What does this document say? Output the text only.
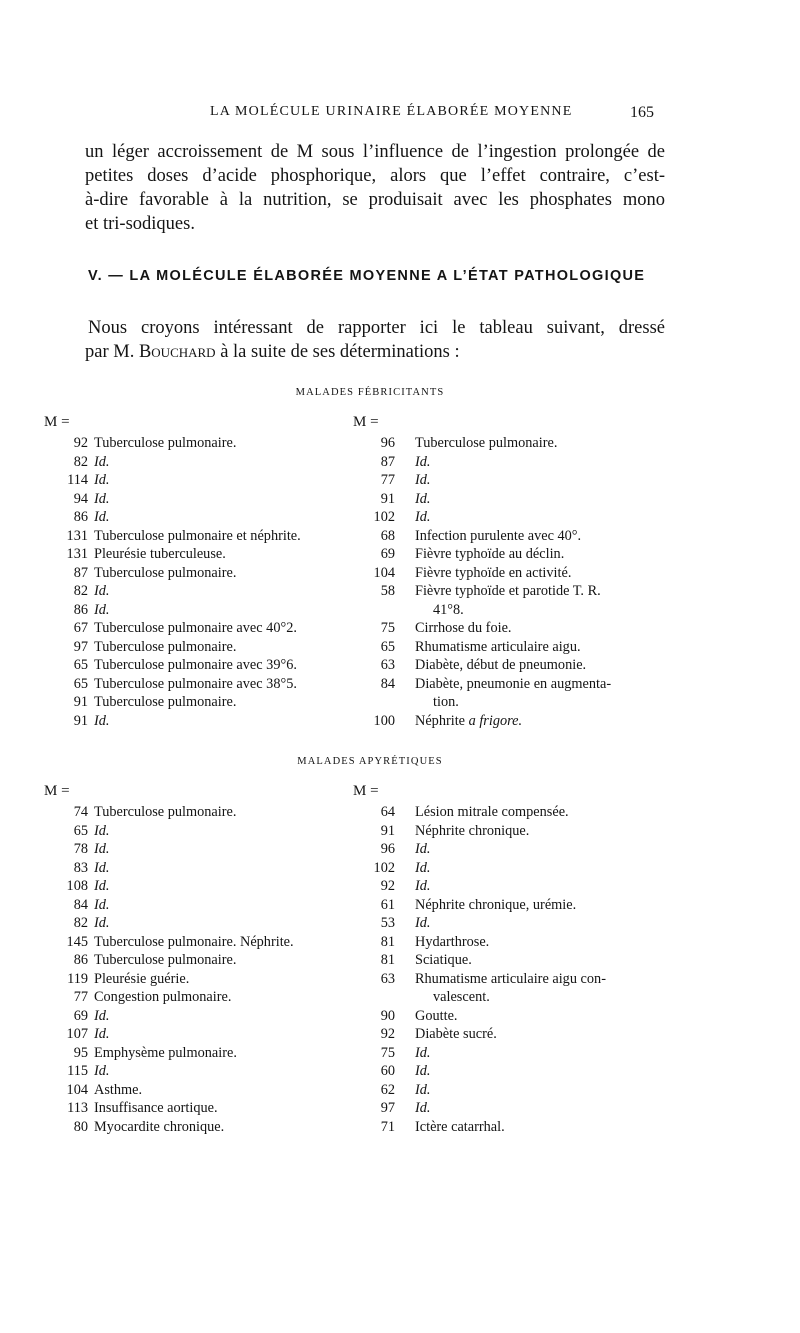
LA MOLÉCULE URINAIRE ÉLABORÉE MOYENNE	165

un léger accroissement de M sous l’influence de l’ingestion prolongée de
petites doses d’acide phosphorique, alors que l’effet contraire, c’est-
à-dire favorable à la nutrition, se produisait avec les phosphates mono
et tri-sodiques.

V. — LA MOLÉCULE ÉLABORÉE MOYENNE A L’ÉTAT PATHOLOGIQUE

Nous croyons intéressant de rapporter ici le tableau suivant, dressé
par M. Bouchard à la suite de ses déterminations :

MALADES FÉBRICITANTS

M =
92 Tuberculose pulmonaire.
82 Id.
114 Id.
94 Id.
86 Id.
131 Tuberculose pulmonaire et néphrite.
131 Pleurésie tuberculeuse.
87 Tuberculose pulmonaire.
82 Id.
86 Id.
67 Tuberculose pulmonaire avec 40°2.
97 Tuberculose pulmonaire.
65 Tuberculose pulmonaire avec 39°6.
65 Tuberculose pulmonaire avec 38°5.
91 Tuberculose pulmonaire.
91 Id.
M =
96 Tuberculose pulmonaire.
87 Id.
77 Id.
91 Id.
102 Id.
68 Infection purulente avec 40°.
69 Fièvre typhoïde au déclin.
104 Fièvre typhoïde en activité.
58 Fièvre typhoïde et parotide T. R.
41°8.
75 Cirrhose du foie.
65 Rhumatisme articulaire aigu.
63 Diabète, début de pneumonie.
84 Diabète, pneumonie en augmenta-
tion.
100 Néphrite a frigore.

MALADES APYRÉTIQUES

M =
74 Tuberculose pulmonaire.
65 Id.
78 Id.
83 Id.
108 Id.
84 Id.
82 Id.
145 Tuberculose pulmonaire. Néphrite.
86 Tuberculose pulmonaire.
119 Pleurésie guérie.
77 Congestion pulmonaire.
69 Id.
107 Id.
95 Emphysème pulmonaire.
115 Id.
104 Asthme.
113 Insuffisance aortique.
80 Myocardite chronique.
M =
64 Lésion mitrale compensée.
91 Néphrite chronique.
96 Id.
102 Id.
92 Id.
61 Néphrite chronique, urémie.
53 Id.
81 Hydarthrose.
81 Sciatique.
63 Rhumatisme articulaire aigu con-
valescent.
90 Goutte.
92 Diabète sucré.
75 Id.
60 Id.
62 Id.
97 Id.
71 Ictère catarrhal.
